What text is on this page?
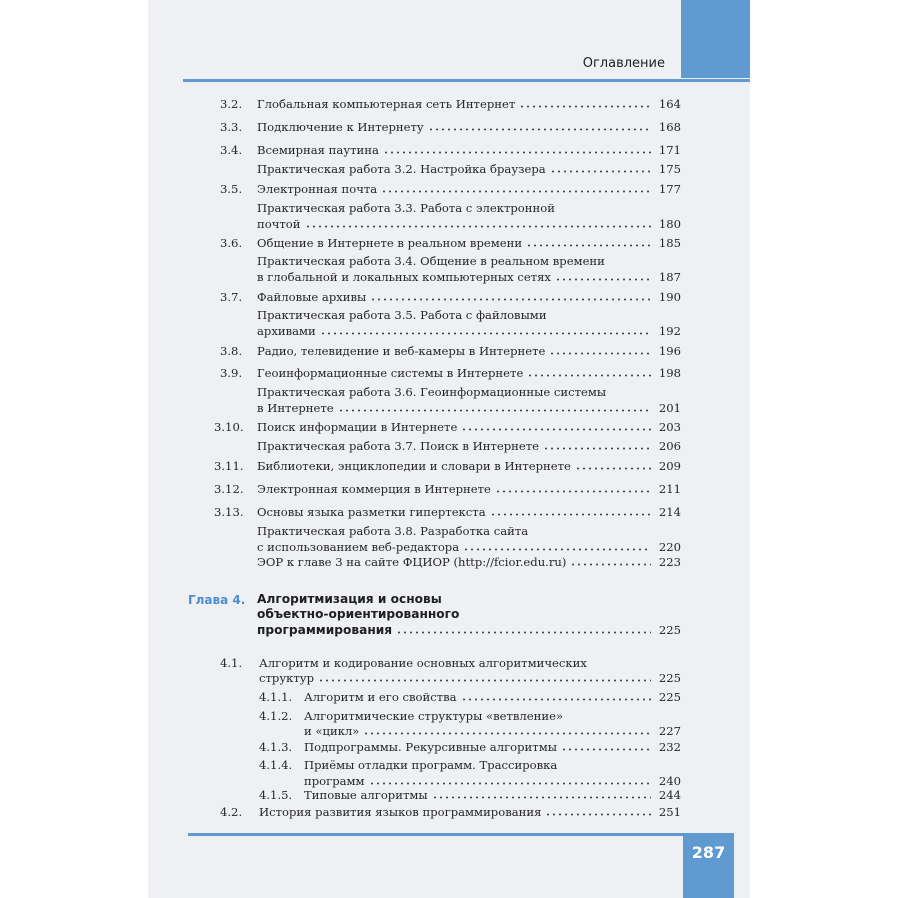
Оглавление
3.2. Глобальная компьютерная сеть Интернет	164
3.3. Подключение к Интернету	168
3.4. Всемирная паутина	171
Практическая работа 3.2. Настройка браузера	175
3.5. Электронная почта	177
Практическая работа 3.3. Работа с электронной
почтой	180
3.6. Общение в Интернете в реальном времени	185
Практическая работа 3.4. Общение в реальном времени
в глобальной и локальных компьютерных сетях	187
3.7. Файловые архивы	190
Практическая работа 3.5. Работа с файловыми
архивами	192
3.8. Радио, телевидение и веб-камеры в Интернете	196
3.9. Геоинформационные системы в Интернете	198
Практическая работа 3.6. Геоинформационные системы
в Интернете	201
3.10. Поиск информации в Интернете	203
Практическая работа 3.7. Поиск в Интернете	206
3.11. Библиотеки, энциклопедии и словари в Интернете	209
3.12. Электронная коммерция в Интернете	211
3.13. Основы языка разметки гипертекста	214
Практическая работа 3.8. Разработка сайта
с использованием веб-редактора	220
ЭОР к главе 3 на сайте ФЦИОР (http://fcior.edu.ru)	223
Глава 4. Алгоритмизация и основы
объектно-ориентированного
программирования	225
4.1. Алгоритм и кодирование основных алгоритмических
структур	225
4.1.1. Алгоритм и его свойства	225
4.1.2. Алгоритмические структуры «ветвление»
и «цикл»	227
4.1.3. Подпрограммы. Рекурсивные алгоритмы	232
4.1.4. Приёмы отладки программ. Трассировка
программ	240
4.1.5. Типовые алгоритмы	244
4.2. История развития языков программирования	251
287
